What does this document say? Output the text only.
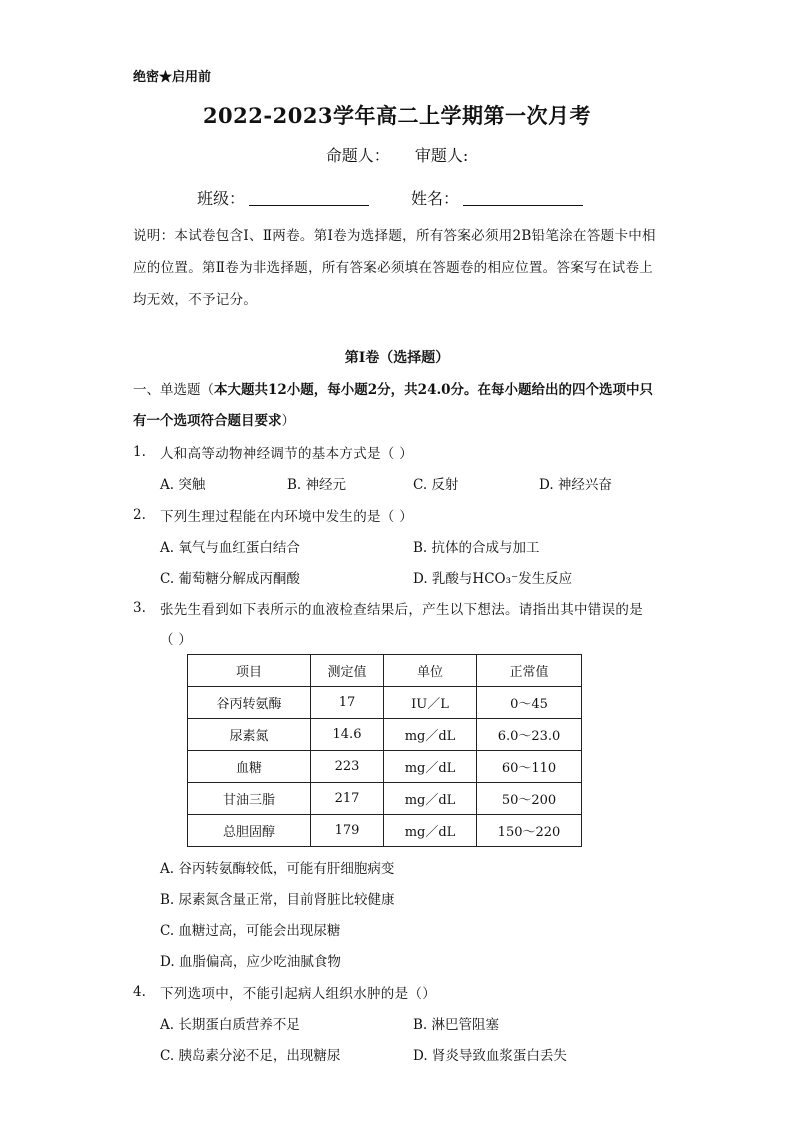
绝密★启用前
2022-2023学年高二上学期第一次月考
命题人： 审题人:
班级：	姓名：
说明：本试卷包含Ⅰ、Ⅱ两卷。第Ⅰ卷为选择题，所有答案必须用2B铅笔涂在答题卡中相应的位置。第Ⅱ卷为非选择题，所有答案必须填在答题卷的相应位置。答案写在试卷上均无效，不予记分。
第Ⅰ卷（选择题）
一、单选题（本大题共12小题，每小题2分，共24.0分。在每小题给出的四个选项中只有一个选项符合题目要求）
1. 人和高等动物神经调节的基本方式是（ ）
A. 突触	B. 神经元	C. 反射	D. 神经兴奋
2. 下列生理过程能在内环境中发生的是（ ）
A. 氧气与血红蛋白结合	B. 抗体的合成与加工
C. 葡萄糖分解成丙酮酸	D. 乳酸与HCO₃⁻发生反应
3. 张先生看到如下表所示的血液检查结果后，产生以下想法。请指出其中错误的是
（ ）
项目	测定值	单位	正常值
谷丙转氨酶	17	IU／L	0～45
尿素氮	14.6	mg／dL	6.0～23.0
血糖	223	mg／dL	60～110
甘油三脂	217	mg／dL	50～200
总胆固醇	179	mg／dL	150～220
A. 谷丙转氨酶较低，可能有肝细胞病变
B. 尿素氮含量正常，目前肾脏比较健康
C. 血糖过高，可能会出现尿糖
D. 血脂偏高，应少吃油腻食物
4. 下列选项中，不能引起病人组织水肿的是（）
A. 长期蛋白质营养不足	B. 淋巴管阻塞
C. 胰岛素分泌不足，出现糖尿	D. 肾炎导致血浆蛋白丢失
